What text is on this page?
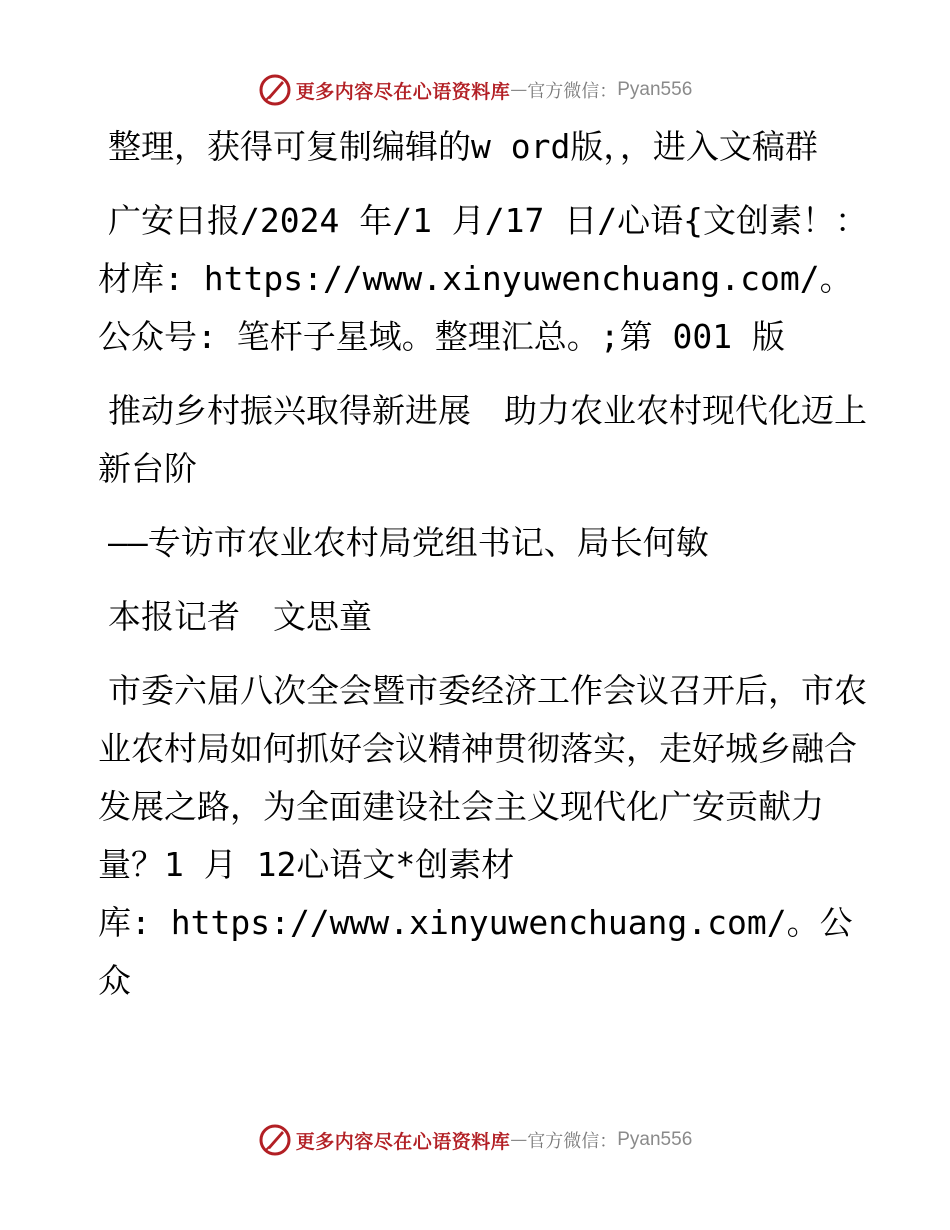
更多内容尽在心语资料库 — 官方微信： Pyan556

整理，获得可复制编辑的w ord版，，进入文稿群

广安日报/2024 年/1 月/17 日/心语{文创素！：材库: https://www.xinyuwenchuang.com/。公众号: 笔杆子星域。整理汇总。;第 001 版

推动乡村振兴取得新进展　助力农业农村现代化迈上新台阶

——专访市农业农村局党组书记、局长何敏

本报记者　文思童

市委六届八次全会暨市委经济工作会议召开后，市农业农村局如何抓好会议精神贯彻落实，走好城乡融合发展之路，为全面建设社会主义现代化广安贡献力量？1 月 12心语文*创素材

库: https://www.xinyuwenchuang.com/。公众

更多内容尽在心语资料库 — 官方微信： Pyan556
